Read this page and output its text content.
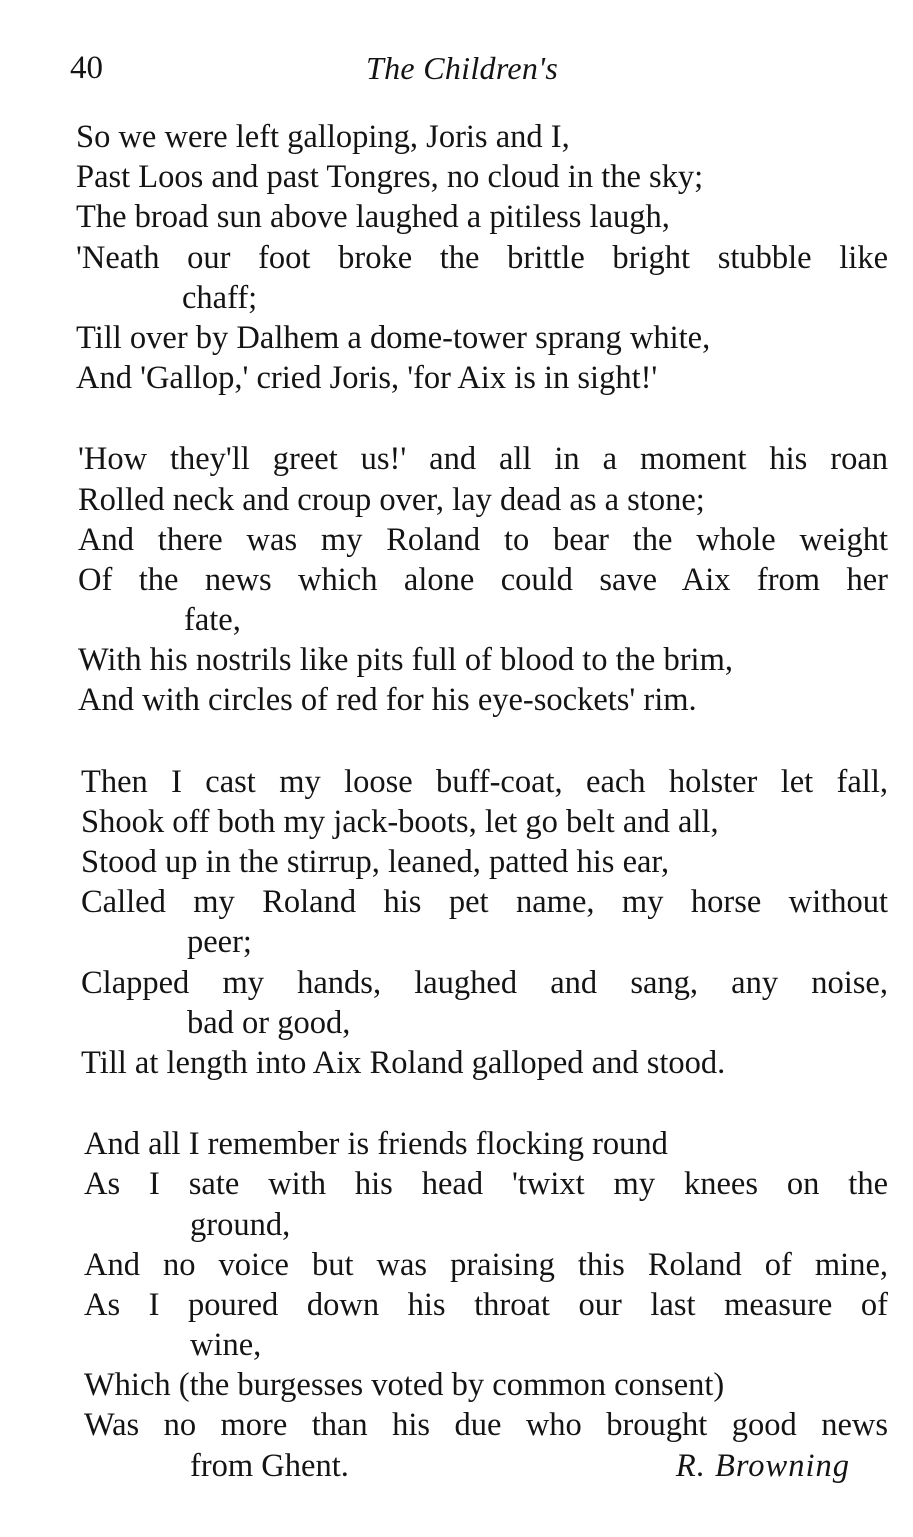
40	The Children's
So we were left galloping, Joris and I,
Past Loos and past Tongres, no cloud in the sky;
The broad sun above laughed a pitiless laugh,
'Neath our foot broke the brittle bright stubble like
chaff;
Till over by Dalhem a dome-tower sprang white,
And 'Gallop,' cried Joris, 'for Aix is in sight!'
'How they'll greet us!' and all in a moment his roan
Rolled neck and croup over, lay dead as a stone;
And there was my Roland to bear the whole weight
Of the news which alone could save Aix from her
fate,
With his nostrils like pits full of blood to the brim,
And with circles of red for his eye-sockets' rim.
Then I cast my loose buff-coat, each holster let fall,
Shook off both my jack-boots, let go belt and all,
Stood up in the stirrup, leaned, patted his ear,
Called my Roland his pet name, my horse without
peer;
Clapped my hands, laughed and sang, any noise,
bad or good,
Till at length into Aix Roland galloped and stood.
And all I remember is friends flocking round
As I sate with his head 'twixt my knees on the
ground,
And no voice but was praising this Roland of mine,
As I poured down his throat our last measure of
wine,
Which (the burgesses voted by common consent)
Was no more than his due who brought good news
from Ghent.	R. Browning
